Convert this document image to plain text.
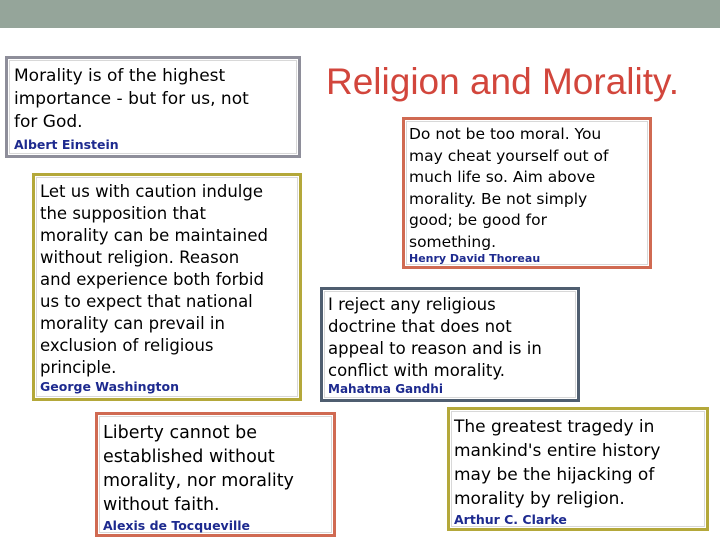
Religion and Morality.

Morality is of the highest
importance - but for us, not
for God.

Albert Einstein

Let us with caution indulge
the supposition that
morality can be maintained
without religion. Reason
and experience both forbid
us to expect that national
morality can prevail in
exclusion of religious
principle.

George Washington

Do not be too moral. You
may cheat yourself out of
much life so. Aim above
morality. Be not simply
good; be good for
something.

Henry David Thoreau

I reject any religious
doctrine that does not
appeal to reason and is in
conflict with morality.

Mahatma Gandhi

Liberty cannot be
established without
morality, nor morality
without faith.

Alexis de Tocqueville

The greatest tragedy in
mankind's entire history
may be the hijacking of
morality by religion.

Arthur C. Clarke
